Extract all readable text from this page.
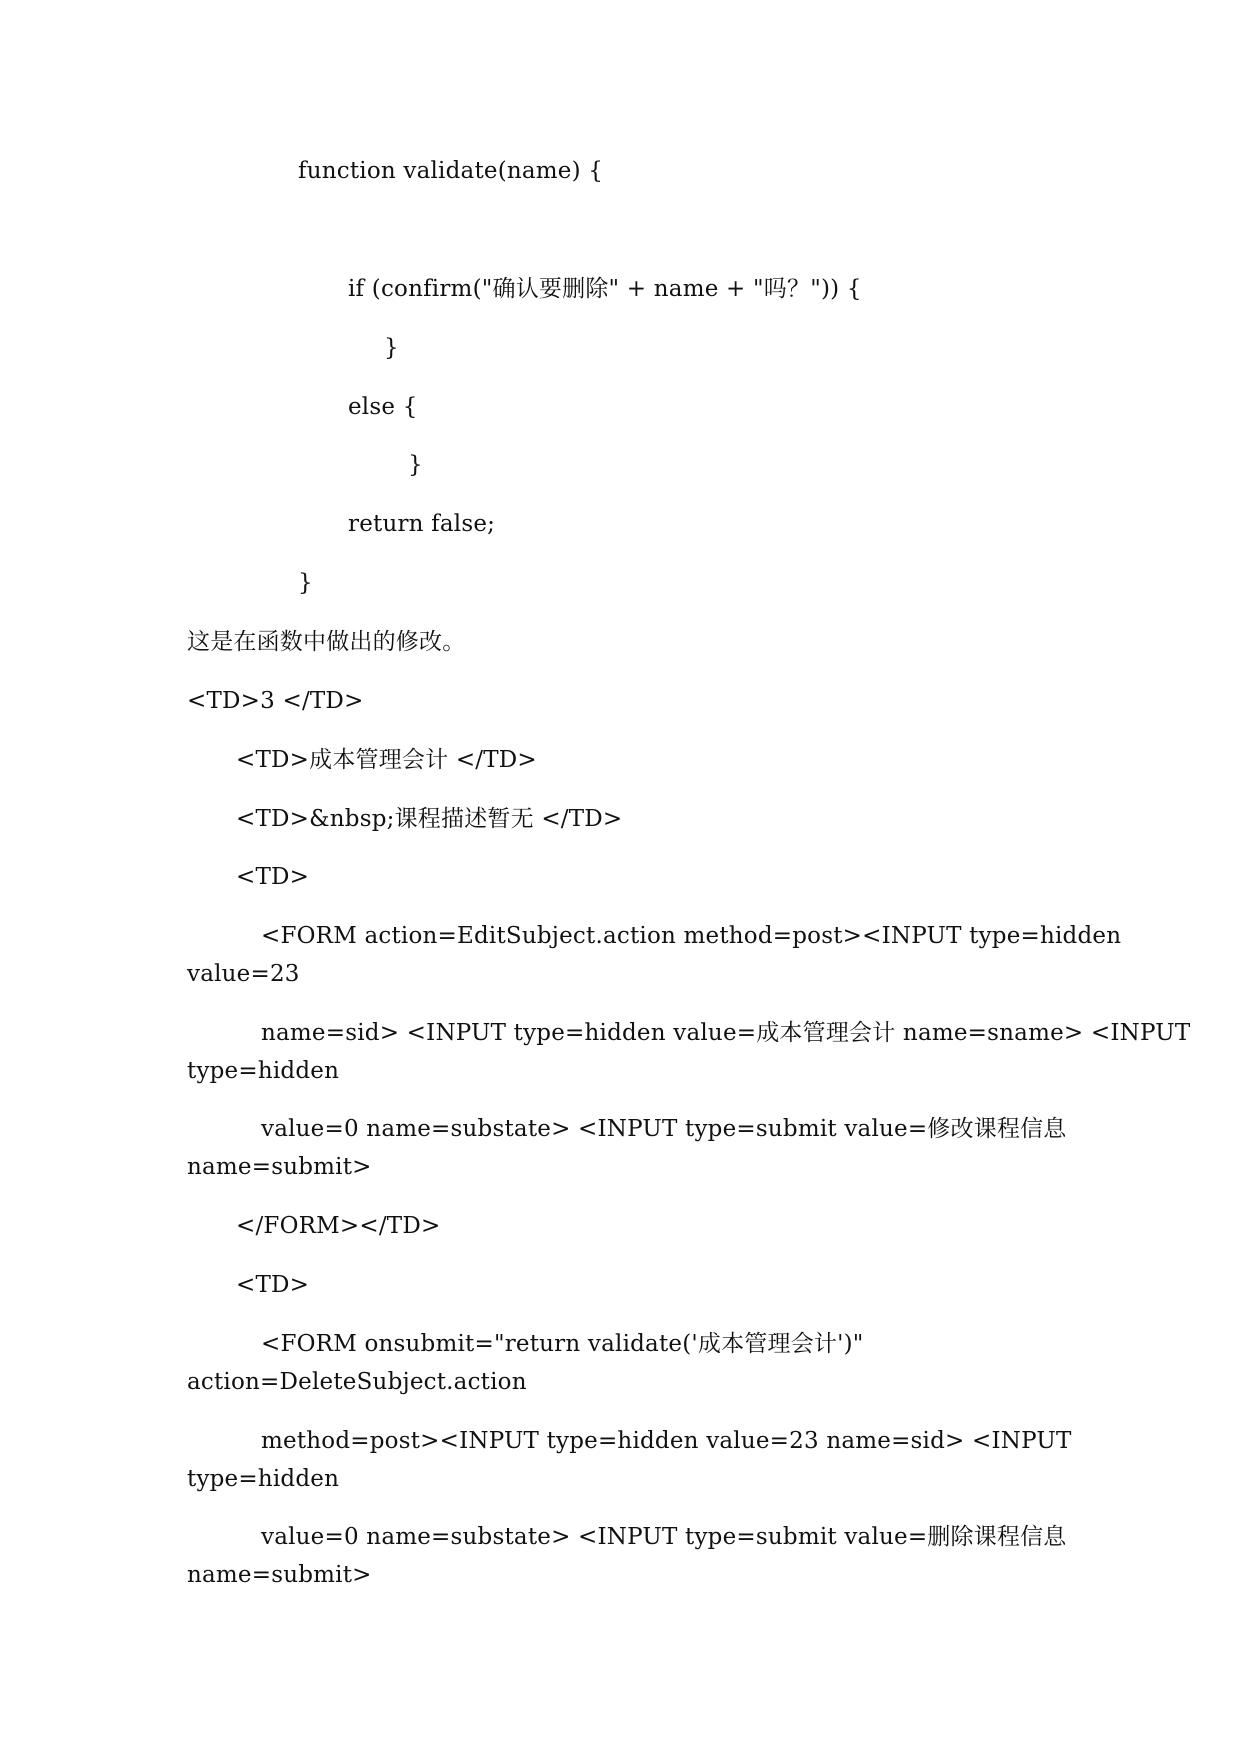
function validate(name) {
if (confirm("确认要删除" + name + "吗？")) {
}
else {
}
return false;
}
这是在函数中做出的修改。
<TD>3 </TD>
<TD>成本管理会计 </TD>
<TD>&nbsp;课程描述暂无 </TD>
<TD>
<FORM action=EditSubject.action method=post><INPUT type=hidden
value=23
name=sid> <INPUT type=hidden value=成本管理会计 name=sname> <INPUT
type=hidden
value=0 name=substate> <INPUT type=submit value=修改课程信息
name=submit>
</FORM></TD>
<TD>
<FORM onsubmit="return validate('成本管理会计')"
action=DeleteSubject.action
method=post><INPUT type=hidden value=23 name=sid> <INPUT
type=hidden
value=0 name=substate> <INPUT type=submit value=删除课程信息
name=submit>
